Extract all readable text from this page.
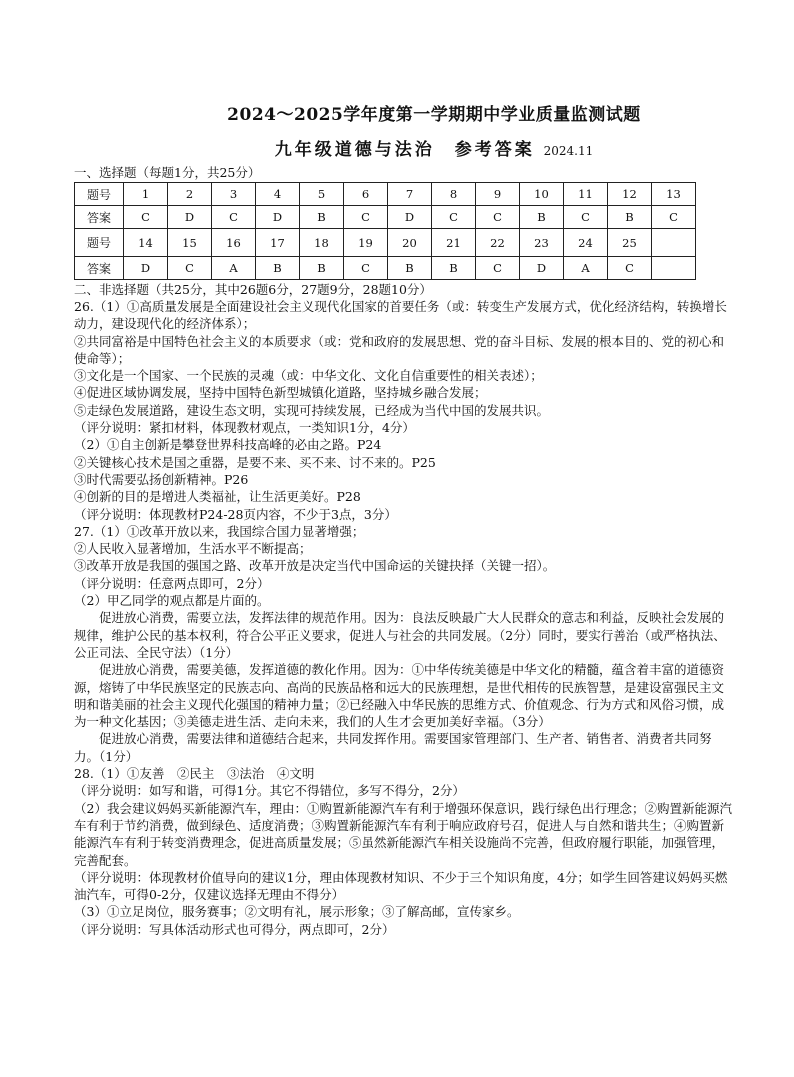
2024～2025学年度第一学期期中学业质量监测试题
九年级道德与法治　参考答案 2024.11
一、选择题（每题1分，共25分）
题号	1	2	3	4	5	6	7	8	9	10	11	12	13
答案	C	D	C	D	B	C	D	C	C	B	C	B	C
题号	14	15	16	17	18	19	20	21	22	23	24	25	
答案	D	C	A	B	B	C	B	B	C	D	A	C	
二、非选择题（共25分，其中26题6分，27题9分，28题10分）

26.（1）①高质量发展是全面建设社会主义现代化国家的首要任务（或：转变生产发展方式，优化经济结构，转换增长动力，建设现代化的经济体系）；

②共同富裕是中国特色社会主义的本质要求（或：党和政府的发展思想、党的奋斗目标、发展的根本目的、党的初心和使命等）；

③文化是一个国家、一个民族的灵魂（或：中华文化、文化自信重要性的相关表述）；

④促进区域协调发展，坚持中国特色新型城镇化道路，坚持城乡融合发展；

⑤走绿色发展道路，建设生态文明，实现可持续发展，已经成为当代中国的发展共识。

（评分说明：紧扣材料，体现教材观点，一类知识1分，4分）

（2）①自主创新是攀登世界科技高峰的必由之路。P24

②关键核心技术是国之重器，是要不来、买不来、讨不来的。P25

③时代需要弘扬创新精神。P26

④创新的目的是增进人类福祉，让生活更美好。P28

（评分说明：体现教材P24-28页内容，不少于3点，3分）

27.（1）①改革开放以来，我国综合国力显著增强；

②人民收入显著增加，生活水平不断提高；

③改革开放是我国的强国之路、改革开放是决定当代中国命运的关键抉择（关键一招）。

（评分说明：任意两点即可，2分）

（2）甲乙同学的观点都是片面的。

促进放心消费，需要立法，发挥法律的规范作用。因为：良法反映最广大人民群众的意志和利益，反映社会发展的规律，维护公民的基本权利，符合公平正义要求，促进人与社会的共同发展。（2分）同时，要实行善治（或严格执法、公正司法、全民守法）（1分）

促进放心消费，需要美德，发挥道德的教化作用。因为：①中华传统美德是中华文化的精髓，蕴含着丰富的道德资源，熔铸了中华民族坚定的民族志向、高尚的民族品格和远大的民族理想，是世代相传的民族智慧，是建设富强民主文明和谐美丽的社会主义现代化强国的精神力量；②已经融入中华民族的思维方式、价值观念、行为方式和风俗习惯，成为一种文化基因；③美德走进生活、走向未来，我们的人生才会更加美好幸福。（3分）

促进放心消费，需要法律和道德结合起来，共同发挥作用。需要国家管理部门、生产者、销售者、消费者共同努力。（1分）

28.（1）①友善　②民主　③法治　④文明

（评分说明：如写和谐，可得1分。其它不得错位，多写不得分，2分）

（2）我会建议妈妈买新能源汽车，理由：①购置新能源汽车有利于增强环保意识，践行绿色出行理念；②购置新能源汽车有利于节约消费，做到绿色、适度消费；③购置新能源汽车有利于响应政府号召，促进人与自然和谐共生；④购置新能源汽车有利于转变消费理念，促进高质量发展；⑤虽然新能源汽车相关设施尚不完善，但政府履行职能，加强管理，完善配套。

（评分说明：体现教材价值导向的建议1分，理由体现教材知识、不少于三个知识角度，4分；如学生回答建议妈妈买燃油汽车，可得0-2分，仅建议选择无理由不得分）

（3）①立足岗位，服务赛事；②文明有礼，展示形象；③了解高邮，宣传家乡。

（评分说明：写具体活动形式也可得分，两点即可，2分）
